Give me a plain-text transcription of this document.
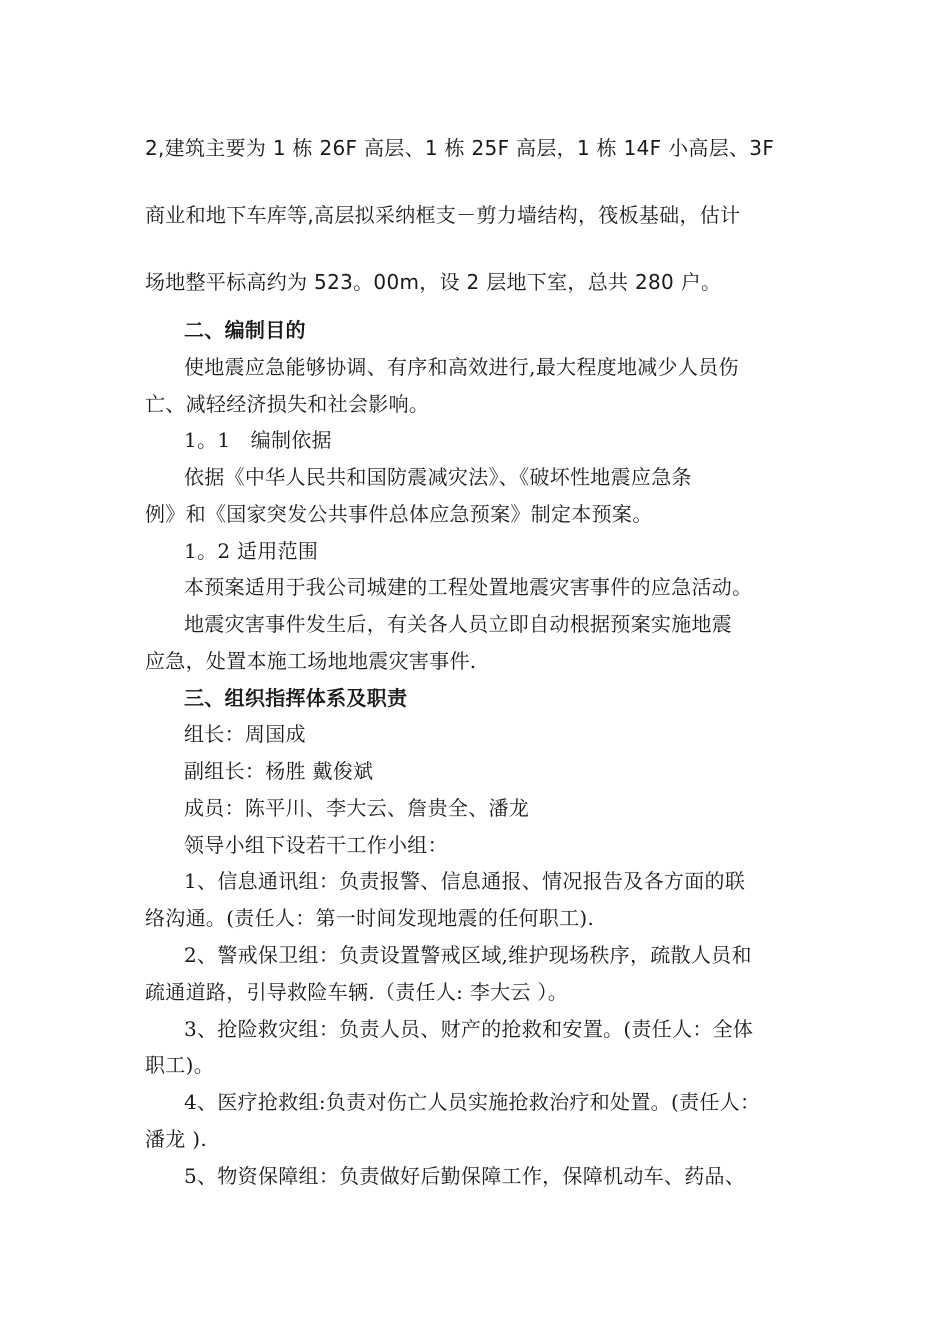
2,建筑主要为 1 栋 26F 高层、1 栋 25F 高层，1 栋 14F 小高层、3F
商业和地下车库等,高层拟采纳框支－剪力墙结构，筏板基础，估计
场地整平标高约为 523。00m，设 2 层地下室，总共 280 户。
二、编制目的
使地震应急能够协调、有序和高效进行,最大程度地减少人员伤
亡、减轻经济损失和社会影响。
1。1　编制依据
依据《中华人民共和国防震减灾法》、《破坏性地震应急条
例》和《国家突发公共事件总体应急预案》制定本预案。
1。2 适用范围
本预案适用于我公司城建的工程处置地震灾害事件的应急活动。
地震灾害事件发生后，有关各人员立即自动根据预案实施地震
应急，处置本施工场地地震灾害事件.
三、组织指挥体系及职责
组长：周国成
副组长：杨胜 戴俊斌
成员：陈平川、李大云、詹贵全、潘龙
领导小组下设若干工作小组：
1、信息通讯组：负责报警、信息通报、情况报告及各方面的联
络沟通。(责任人：第一时间发现地震的任何职工).
2、警戒保卫组：负责设置警戒区域,维护现场秩序，疏散人员和
疏通道路，引导救险车辆.（责任人: 李大云 ）。
3、抢险救灾组：负责人员、财产的抢救和安置。(责任人：全体
职工)。
4、医疗抢救组:负责对伤亡人员实施抢救治疗和处置。(责任人：
潘龙 ).
5、物资保障组：负责做好后勤保障工作，保障机动车、药品、
